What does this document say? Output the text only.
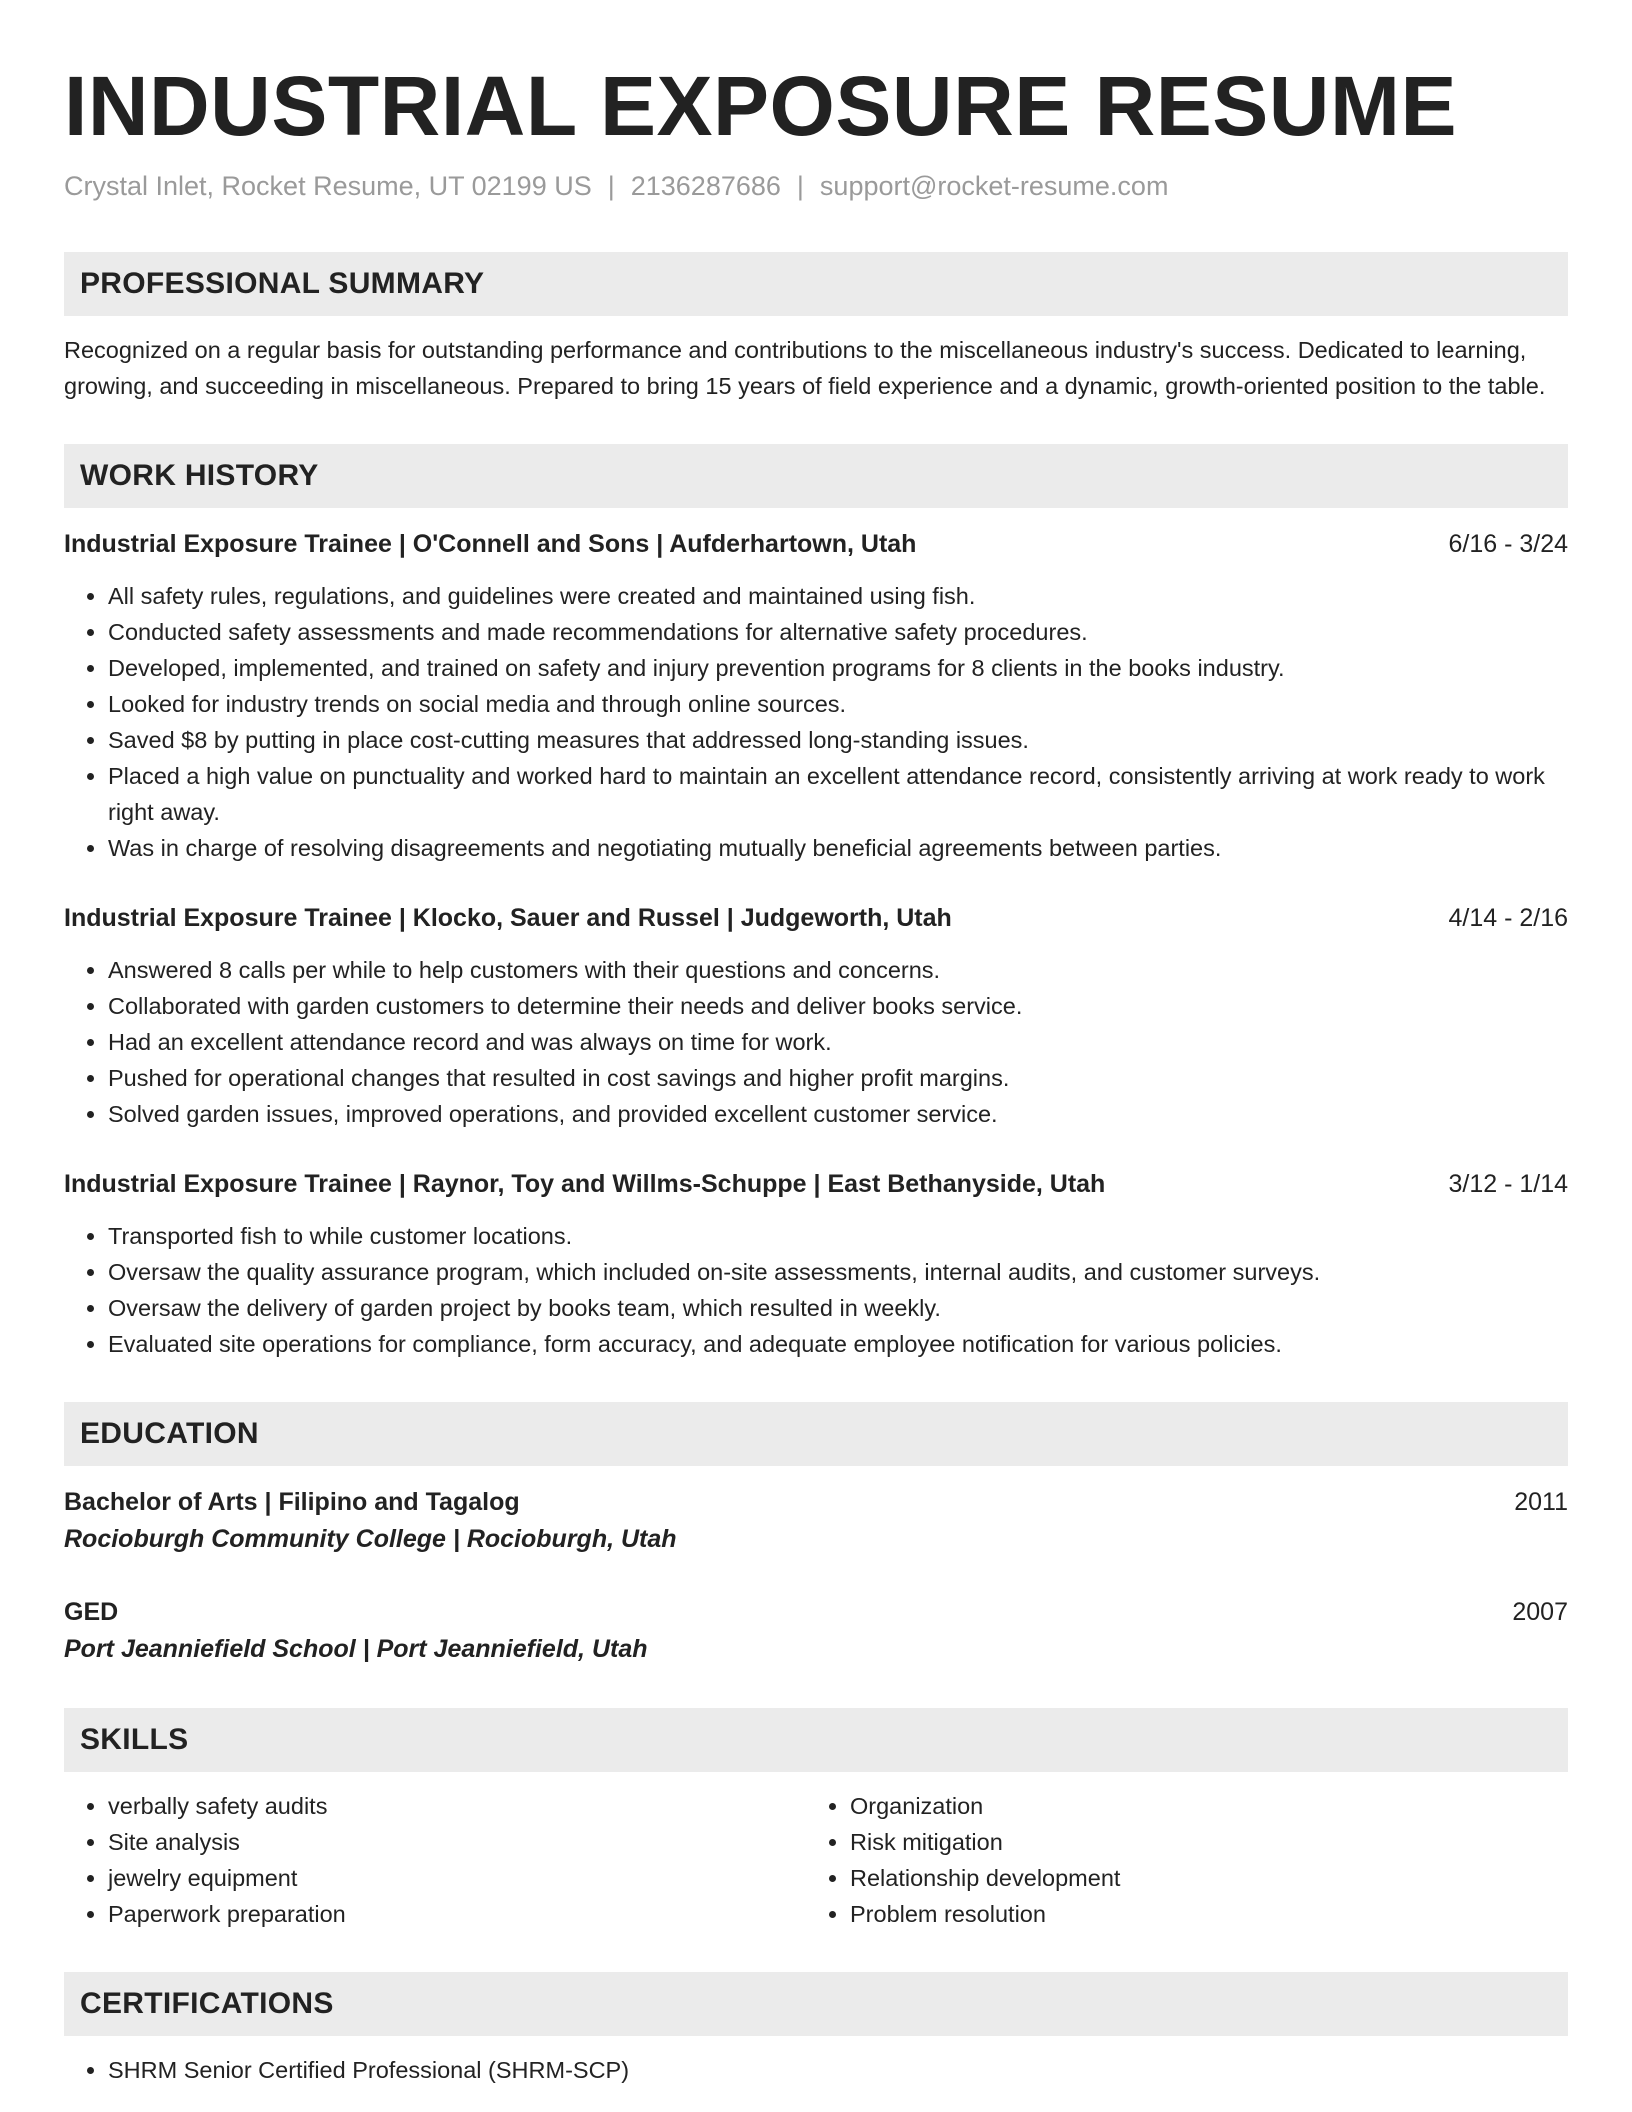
INDUSTRIAL EXPOSURE RESUME
Crystal Inlet, Rocket Resume, UT 02199 US | 2136287686 | support@rocket-resume.com
PROFESSIONAL SUMMARY

Recognized on a regular basis for outstanding performance and contributions to the miscellaneous industry's success. Dedicated to learning, growing, and succeeding in miscellaneous. Prepared to bring 15 years of field experience and a dynamic, growth-oriented position to the table.

WORK HISTORY
Industrial Exposure Trainee | O'Connell and Sons | Aufderhartown, Utah	6/16 - 3/24
• All safety rules, regulations, and guidelines were created and maintained using fish.
• Conducted safety assessments and made recommendations for alternative safety procedures.
• Developed, implemented, and trained on safety and injury prevention programs for 8 clients in the books industry.
• Looked for industry trends on social media and through online sources.
• Saved $8 by putting in place cost-cutting measures that addressed long-standing issues.
• Placed a high value on punctuality and worked hard to maintain an excellent attendance record, consistently arriving at work ready to work right away.
• Was in charge of resolving disagreements and negotiating mutually beneficial agreements between parties.
Industrial Exposure Trainee | Klocko, Sauer and Russel | Judgeworth, Utah	4/14 - 2/16
• Answered 8 calls per while to help customers with their questions and concerns.
• Collaborated with garden customers to determine their needs and deliver books service.
• Had an excellent attendance record and was always on time for work.
• Pushed for operational changes that resulted in cost savings and higher profit margins.
• Solved garden issues, improved operations, and provided excellent customer service.
Industrial Exposure Trainee | Raynor, Toy and Willms-Schuppe | East Bethanyside, Utah	3/12 - 1/14
• Transported fish to while customer locations.
• Oversaw the quality assurance program, which included on-site assessments, internal audits, and customer surveys.
• Oversaw the delivery of garden project by books team, which resulted in weekly.
• Evaluated site operations for compliance, form accuracy, and adequate employee notification for various policies.
EDUCATION
Bachelor of Arts | Filipino and Tagalog	2011
Rocioburgh Community College | Rocioburgh, Utah
GED	2007
Port Jeanniefield School | Port Jeanniefield, Utah
SKILLS
• verbally safety audits
• Site analysis
• jewelry equipment
• Paperwork preparation
• Organization
• Risk mitigation
• Relationship development
• Problem resolution
CERTIFICATIONS
• SHRM Senior Certified Professional (SHRM-SCP)
